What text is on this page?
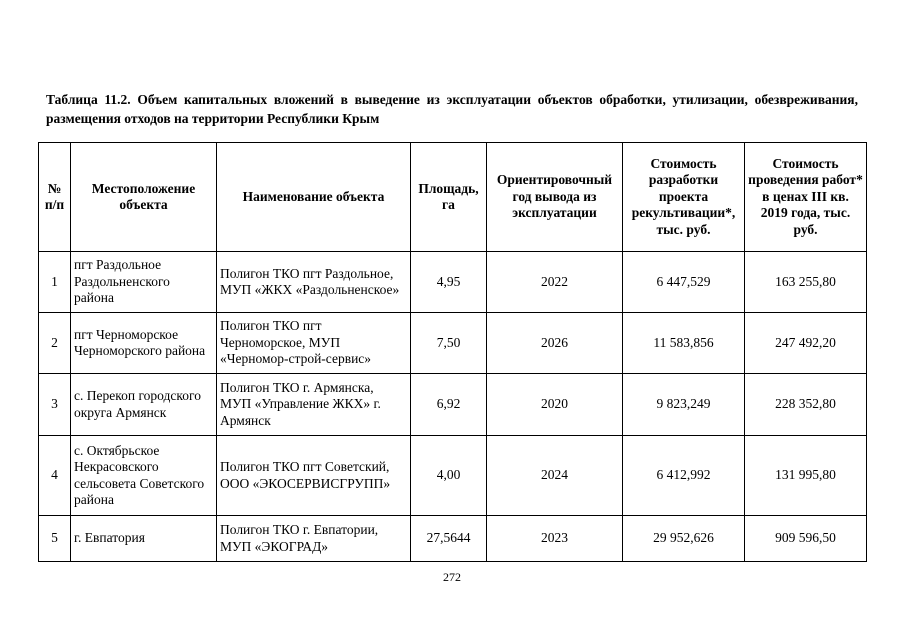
Таблица 11.2. Объем капитальных вложений в выведение из эксплуатации объектов обработки, утилизации, обезвреживания, размещения отходов на территории Республики Крым
№ п/п	Местоположение объекта	Наименование объекта	Площадь, га	Ориентировочный год вывода из эксплуатации	Стоимость разработки проекта рекультивации*, тыс. руб.	Стоимость проведения работ* в ценах III кв. 2019 года, тыс. руб.
1	пгт Раздольное Раздольненского района	Полигон ТКО пгт Раздольное, МУП «ЖКХ «Раздольненское»	4,95	2022	6 447,529	163 255,80
2	пгт Черноморское Черноморского района	Полигон ТКО пгт Черноморское, МУП «Черномор-строй-сервис»	7,50	2026	11 583,856	247 492,20
3	с. Перекоп городского округа Армянск	Полигон ТКО г. Армянска, МУП «Управление ЖКХ» г. Армянск	6,92	2020	9 823,249	228 352,80
4	с. Октябрьское Некрасовского сельсовета Советского района	Полигон ТКО пгт Советский, ООО «ЭКОСЕРВИСГРУПП»	4,00	2024	6 412,992	131 995,80
5	г. Евпатория	Полигон ТКО г. Евпатории, МУП «ЭКОГРАД»	27,5644	2023	29 952,626	909 596,50
272
